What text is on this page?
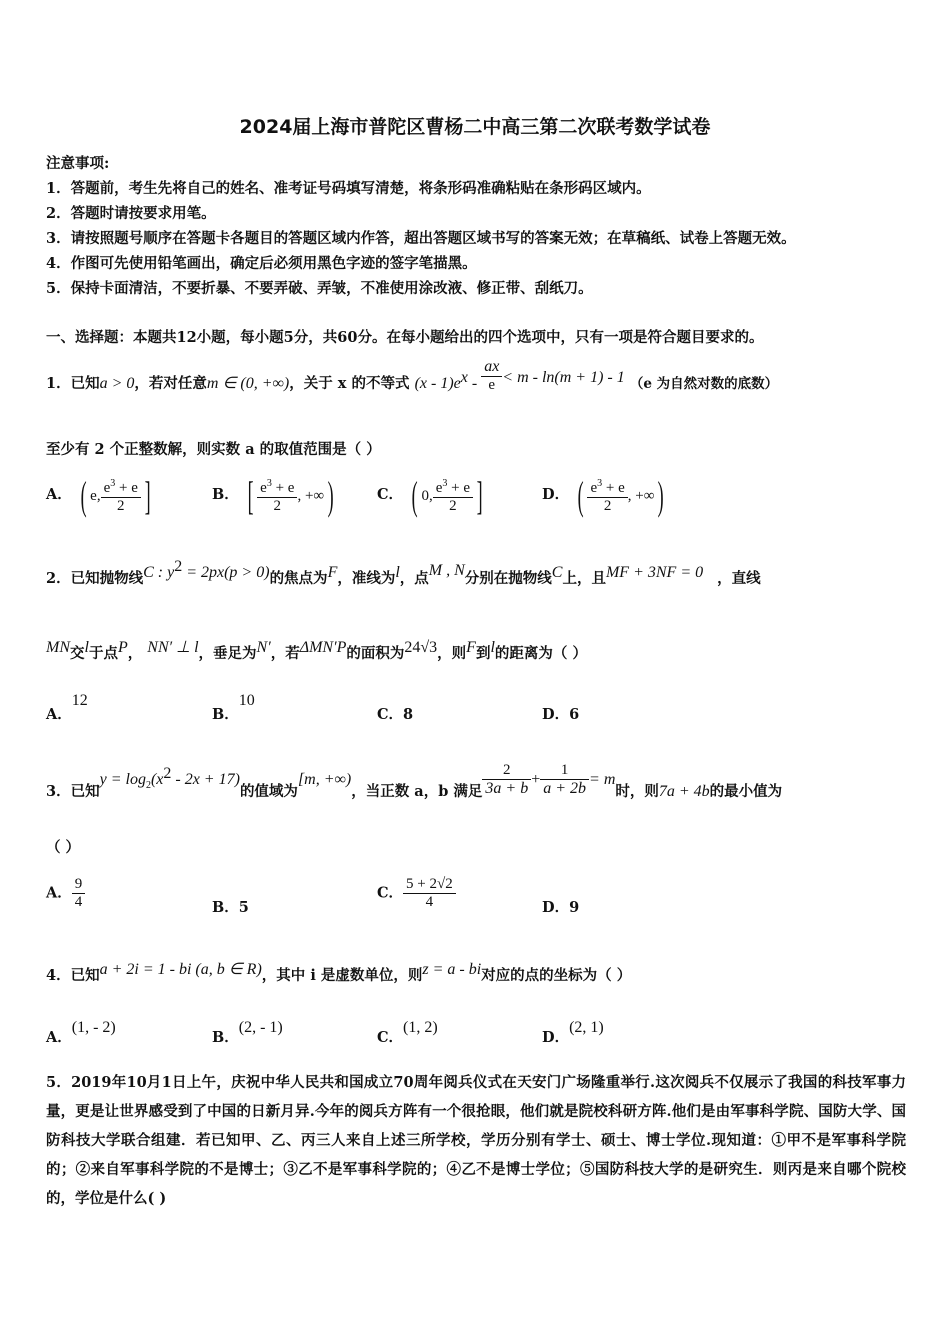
2024届上海市普陀区曹杨二中高三第二次联考数学试卷
注意事项:
1．答题前，考生先将自己的姓名、准考证号码填写清楚，将条形码准确粘贴在条形码区域内。
2．答题时请按要求用笔。
3．请按照题号顺序在答题卡各题目的答题区域内作答，超出答题区域书写的答案无效；在草稿纸、试卷上答题无效。
4．作图可先使用铅笔画出，确定后必须用黑色字迹的签字笔描黑。
5．保持卡面清洁，不要折暴、不要弄破、弄皱，不准使用涂改液、修正带、刮纸刀。
一、选择题：本题共12小题，每小题5分，共60分。在每小题给出的四个选项中，只有一项是符合题目要求的。
1．已知a > 0，若对任意m ∈ (0, +∞)，关于 x 的不等式 $(x - 1)e^x - \frac{ax}{e} < m - \ln(m + 1) - 1$ （e 为自然对数的底数）
至少有 2 个正整数解，则实数 a 的取值范围是（ ）
A． ( e, $\frac{e^3 + e}{2}$ ]	B． [ $\frac{e^3 + e}{2}$ , +∞ )	C． ( 0, $\frac{e^3 + e}{2}$ ]	D． ( $\frac{e^3 + e}{2}$ , +∞ )
2．已知抛物线C : $y^2 = 2px(p > 0)$的焦点为F，准线为l，点M , N分别在抛物线C上，且MF + 3NF = 0 ，直线
MN交l于点P， NN′ ⊥ l，垂足为N′，若ΔMN′P的面积为24√3，则F到l的距离为（ ）
A．12
B．10
C．8	D．6
3．已知$y = \log_2(x^2 - 2x + 17)$的值域为[m, +∞)，当正数 a，b 满足 $\frac{2}{3a + b} + \frac{1}{a + 2b} = m$时，则7a + 4b的最小值为
（ ）
A． $\frac{9}{4}$	B．5
C． $\frac{5 + 2√2}{4}$	D．9
4．已知a + 2i = 1 - bi (a, b ∈ R)，其中 i 是虚数单位，则z = a - bi对应的点的坐标为（ ）
A．(1, - 2)
B．(2, - 1)
C．(1, 2)
D．(2, 1)
5．2019年10月1日上午，庆祝中华人民共和国成立70周年阅兵仪式在天安门广场隆重举行.这次阅兵不仅展示了我国的科技军事力量，更是让世界感受到了中国的日新月异.今年的阅兵方阵有一个很抢眼，他们就是院校科研方阵.他们是由军事科学院、国防大学、国防科技大学联合组建．若已知甲、乙、丙三人来自上述三所学校，学历分别有学士、硕士、博士学位.现知道：①甲不是军事科学院的；②来自军事科学院的不是博士；③乙不是军事科学院的；④乙不是博士学位；⑤国防科技大学的是研究生．则丙是来自哪个院校的，学位是什么( )
